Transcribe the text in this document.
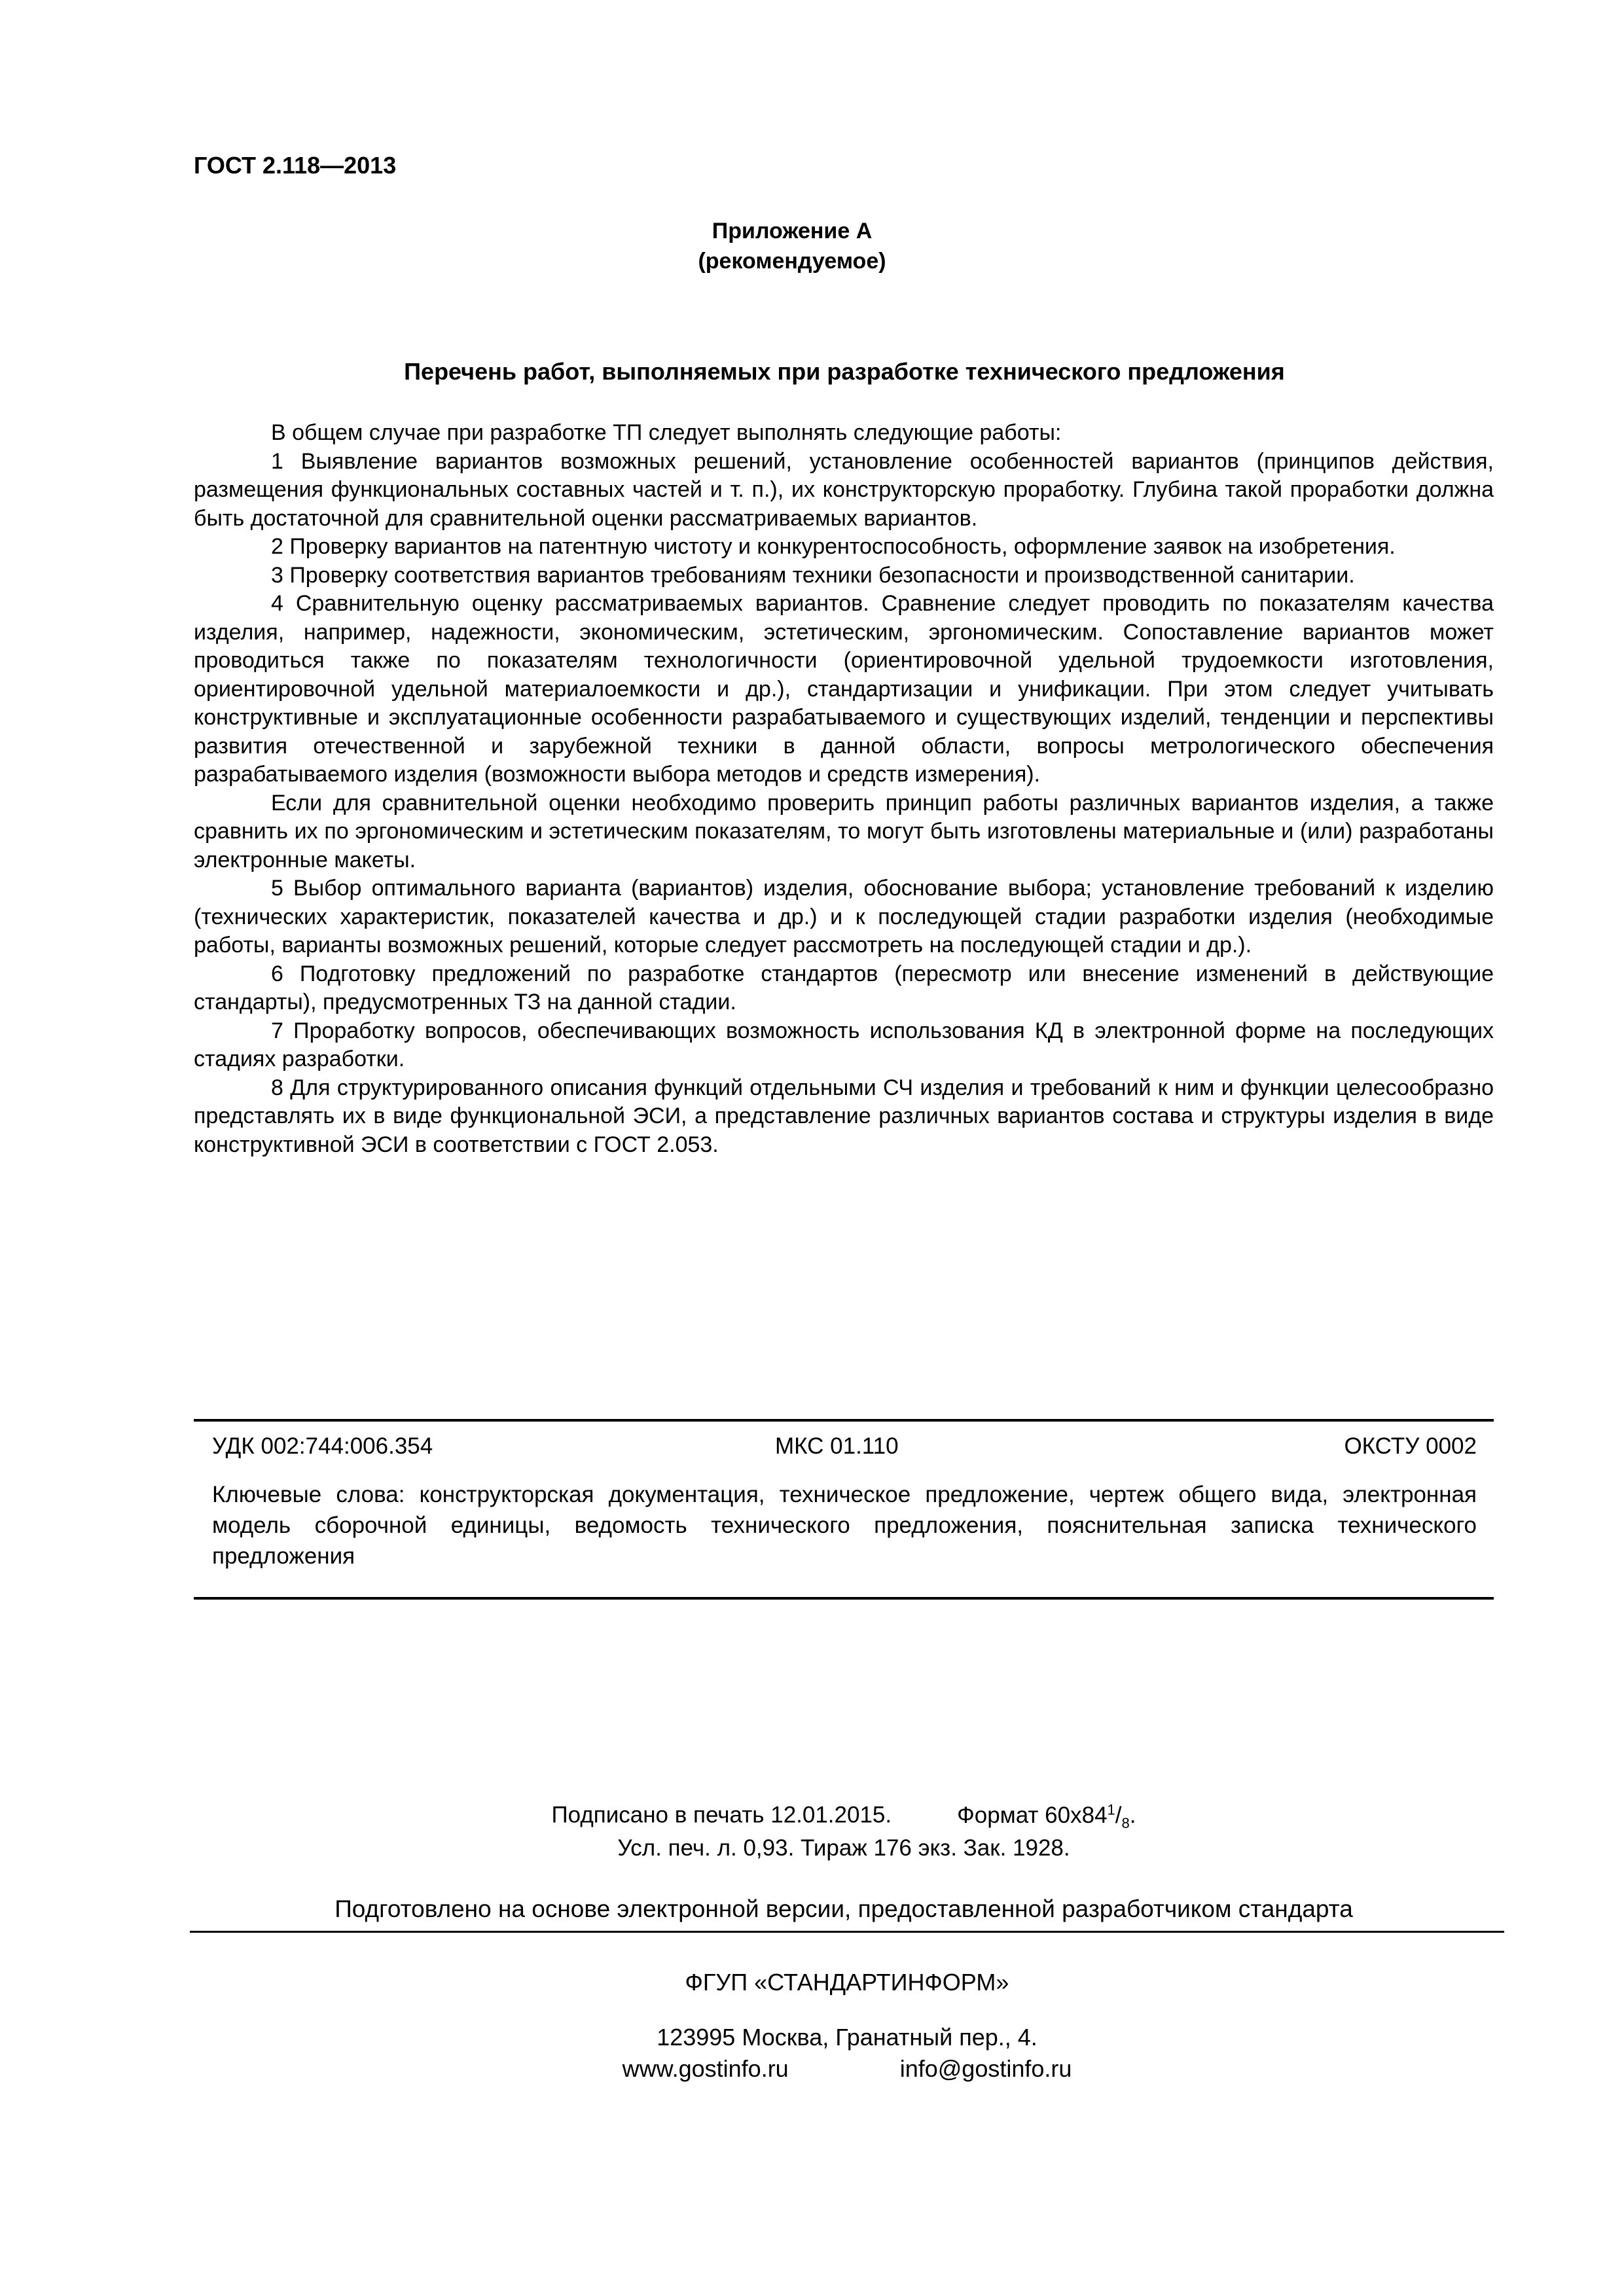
ГОСТ 2.118—2013
Приложение А
(рекомендуемое)
Перечень работ, выполняемых при разработке технического предложения

В общем случае при разработке ТП следует выполнять следующие работы:

1 Выявление вариантов возможных решений, установление особенностей вариантов (принципов действия, размещения функциональных составных частей и т. п.), их конструкторскую проработку. Глубина такой проработки должна быть достаточной для сравнительной оценки рассматриваемых вариантов.

2 Проверку вариантов на патентную чистоту и конкурентоспособность, оформление заявок на изобретения.

3 Проверку соответствия вариантов требованиям техники безопасности и производственной санитарии.

4 Сравнительную оценку рассматриваемых вариантов. Сравнение следует проводить по показателям качества изделия, например, надежности, экономическим, эстетическим, эргономическим. Сопоставление вариантов может проводиться также по показателям технологичности (ориентировочной удельной трудоемкости изготовления, ориентировочной удельной материалоемкости и др.), стандартизации и унификации. При этом следует учитывать конструктивные и эксплуатационные особенности разрабатываемого и существующих изделий, тенденции и перспективы развития отечественной и зарубежной техники в данной области, вопросы метрологического обеспечения разрабатываемого изделия (возможности выбора методов и средств измерения).

Если для сравнительной оценки необходимо проверить принцип работы различных вариантов изделия, а также сравнить их по эргономическим и эстетическим показателям, то могут быть изготовлены материальные и (или) разработаны электронные макеты.

5 Выбор оптимального варианта (вариантов) изделия, обоснование выбора; установление требований к изделию (технических характеристик, показателей качества и др.) и к последующей стадии разработки изделия (необходимые работы, варианты возможных решений, которые следует рассмотреть на последующей стадии и др.).

6 Подготовку предложений по разработке стандартов (пересмотр или внесение изменений в действующие стандарты), предусмотренных ТЗ на данной стадии.

7 Проработку вопросов, обеспечивающих возможность использования КД в электронной форме на последующих стадиях разработки.

8 Для структурированного описания функций отдельными СЧ изделия и требований к ним и функции целесообразно представлять их в виде функциональной ЭСИ, а представление различных вариантов состава и структуры изделия в виде конструктивной ЭСИ в соответствии с ГОСТ 2.053.

УДК 002:744:006.354	МКС 01.110	ОКСТУ 0002
Ключевые слова: конструкторская документация, техническое предложение, чертеж общего вида, электронная модель сборочной единицы, ведомость технического предложения, пояснительная записка технического предложения
Подписано в печать 12.01.2015.	Формат $60x84^1/_8$.
Усл. печ. л. 0,93. Тираж 176 экз. Зак. 1928.
Подготовлено на основе электронной версии, предоставленной разработчиком стандарта
ФГУП «СТАНДАРТИНФОРМ»
123995 Москва, Гранатный пер., 4.
www.gostinfo.ru	info@gostinfo.ru
